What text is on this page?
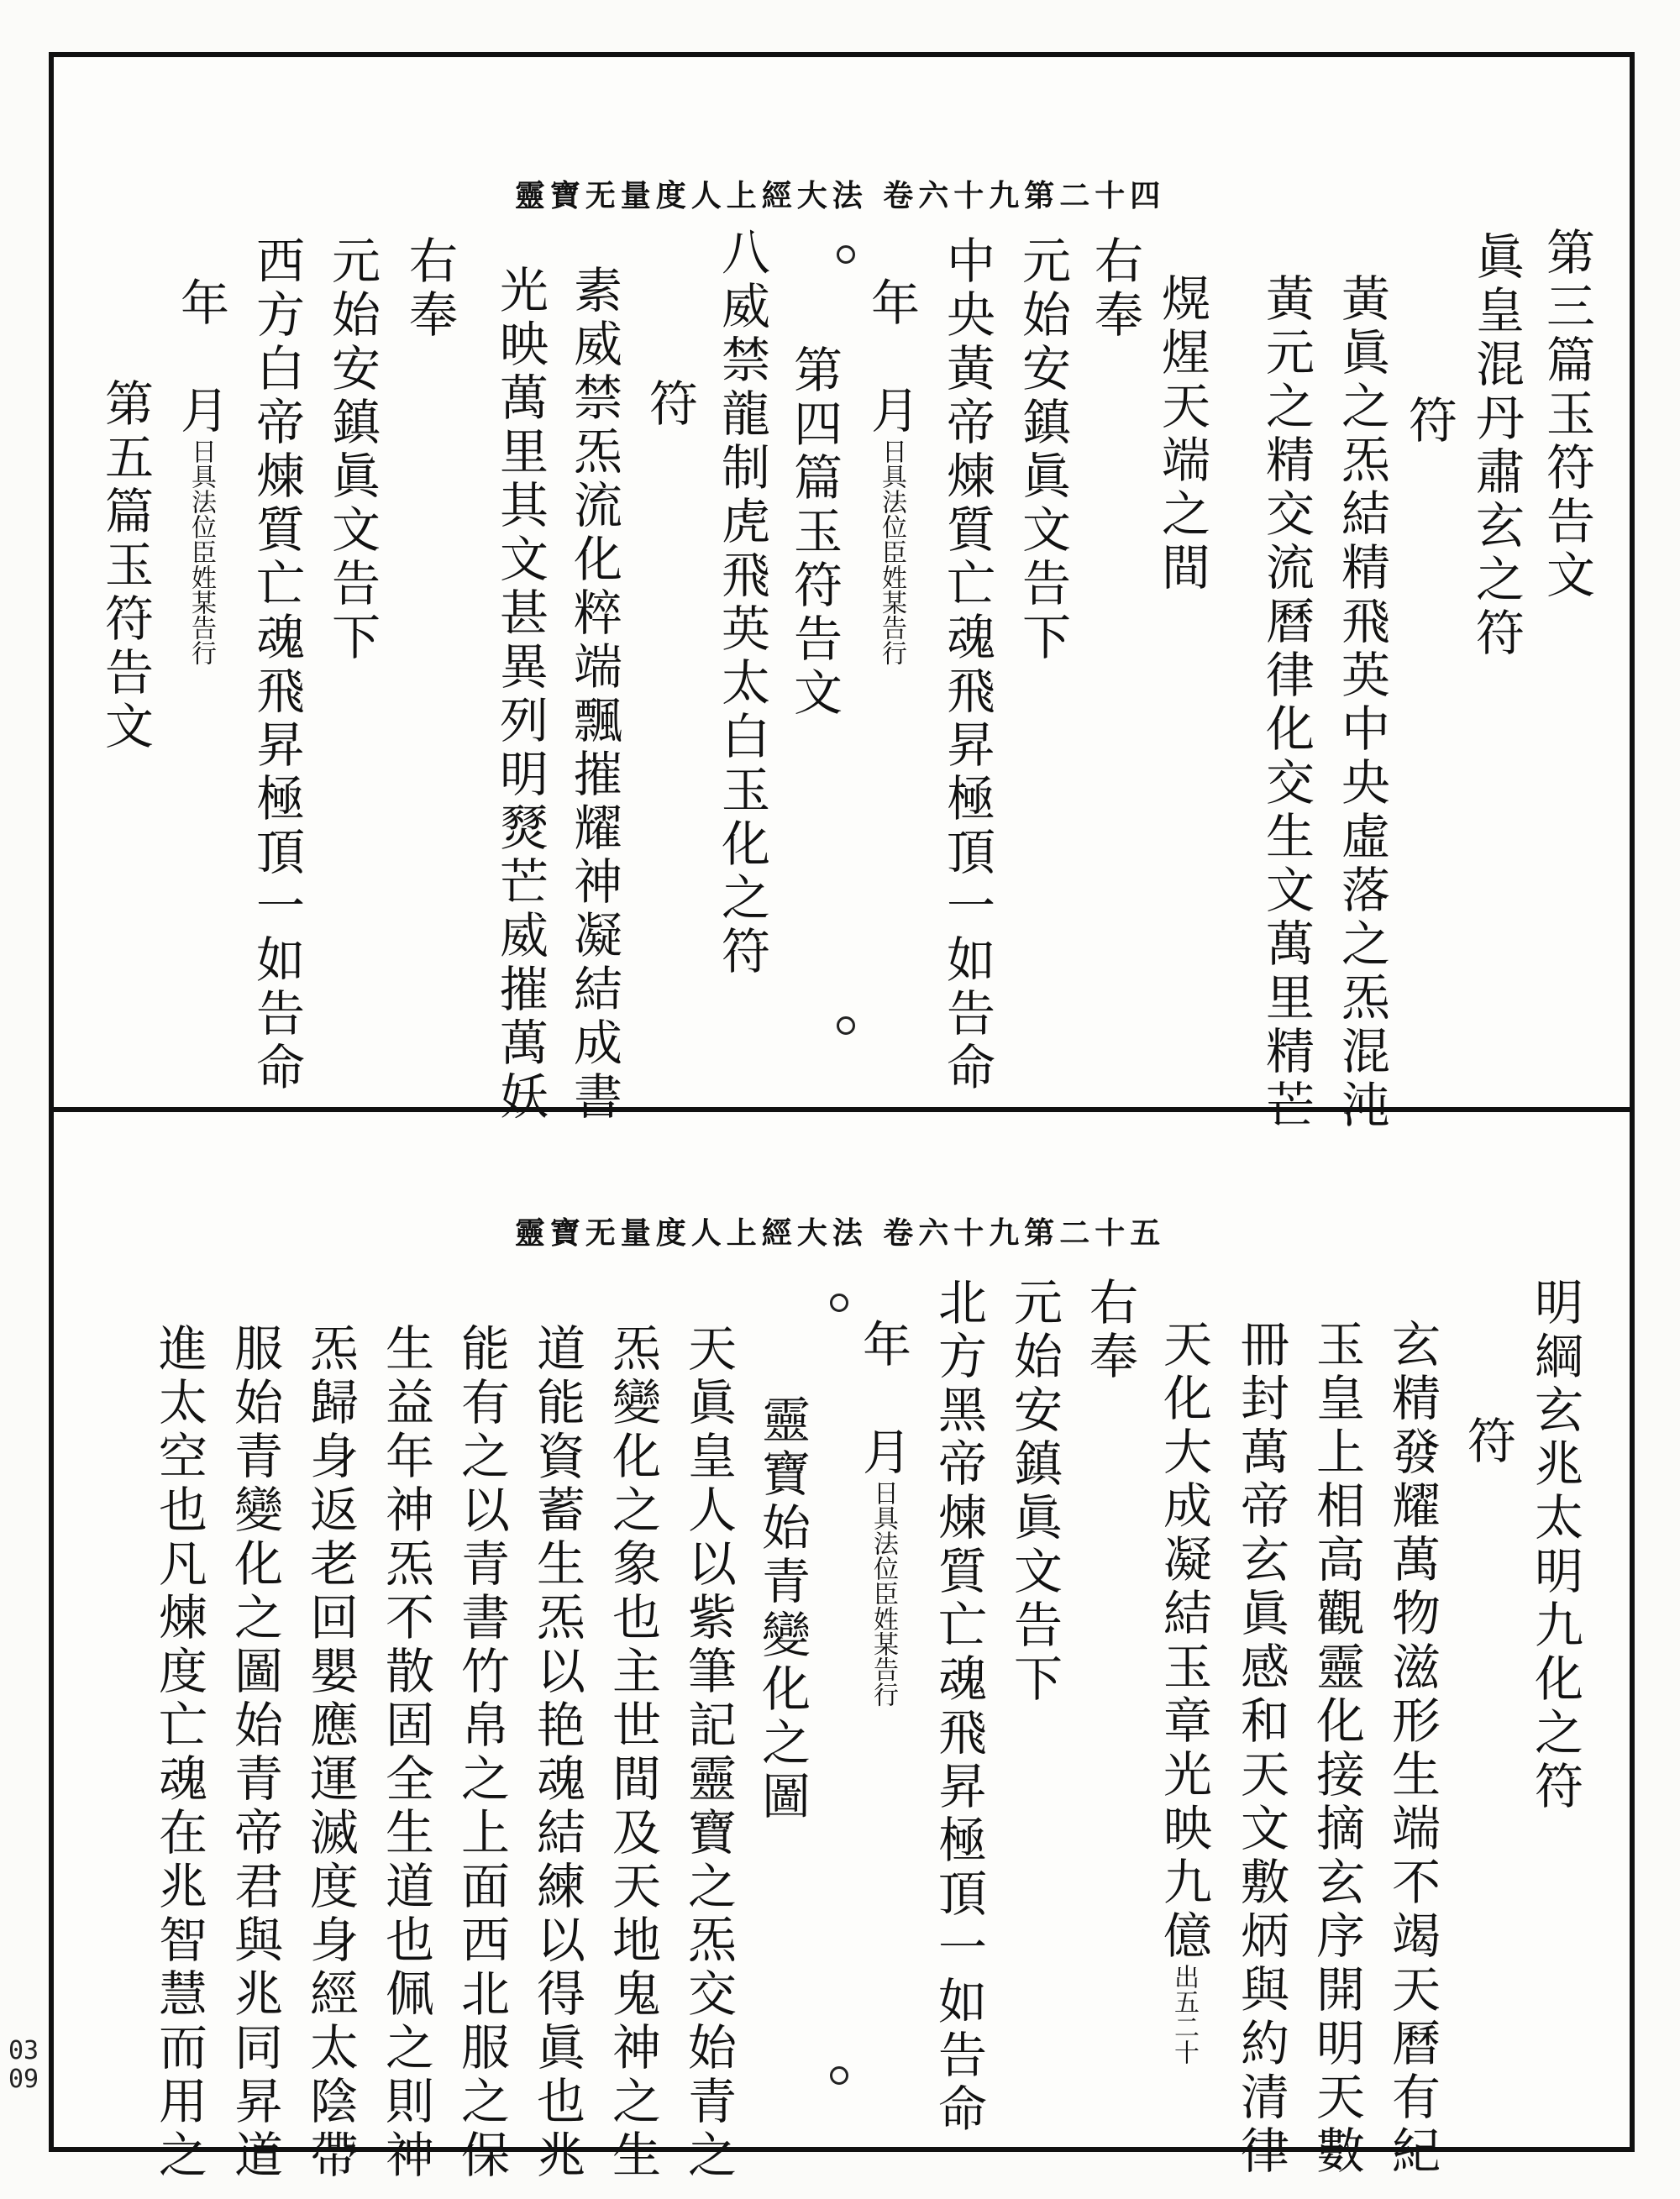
靈寶无量度人上經大法 卷六十九第二十四
第三篇玉符告文
眞皇混丹肅玄之符
黃眞之炁結精飛英中央虛落之炁混沌 符
黃元之精交流曆律化交生文萬里精芒
熀煋天端之間
右奉
元始安鎮眞文告下
中央黃帝煉質亡魂飛昇極頂一如告命
年　月日具法位臣姓某告行
第四篇玉符告文
八威禁龍制虎飛英太白玉化之符
符
素威禁炁流化粹端飄摧耀神凝結成書
光映萬里其文甚異列明燹芒威摧萬妖
右奉
元始安鎮眞文告下
西方白帝煉質亡魂飛昇極頂一如告命
年　月日具法位臣姓某告行
第五篇玉符告文
靈寶无量度人上經大法 卷六十九第二十五
明綱玄兆太明九化之符
玄精發耀萬物滋形生端不竭天曆有紀 符
玉皇上相高觀靈化接摘玄序開明天數
冊封萬帝玄眞感和天文敷炳與約清律
天化大成凝結玉章光映九億出五二十
右奉
元始安鎮眞文告下
北方黑帝煉質亡魂飛昇極頂一如告命
年　月日具法位臣姓某告行
靈寶始青變化之圖
天眞皇人以紫筆記靈寶之炁交始青之
炁變化之象也主世間及天地鬼神之生
道能資蓄生炁以艳魂結練以得眞也兆
能有之以青書竹帛之上面西北服之保
生益年神炁不散固全生道也佩之則神
炁歸身返老回嬰應運滅度身經太陰帶
服始青變化之圖始青帝君與兆同昇道
進太空也凡煉度亡魂在兆智慧而用之
0309
